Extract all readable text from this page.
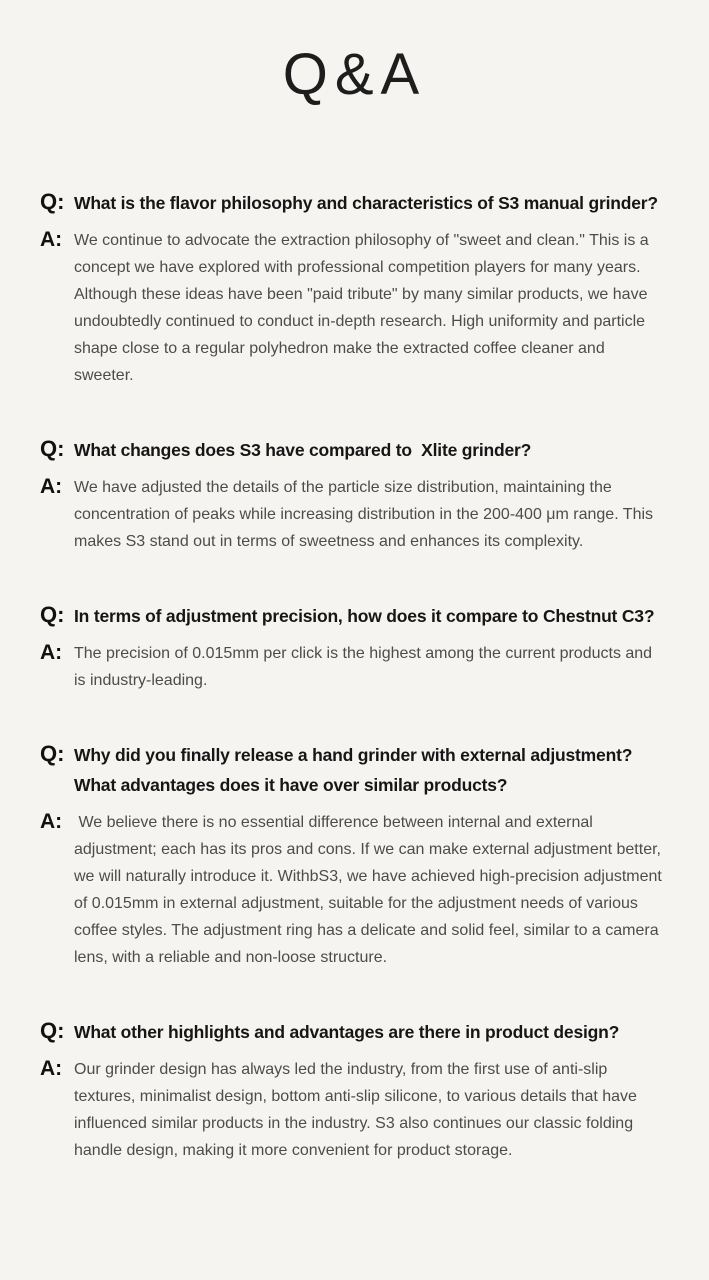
Q&A
Q: What is the flavor philosophy and characteristics of S3 manual grinder?
A: We continue to advocate the extraction philosophy of "sweet and clean." This is a concept we have explored with professional competition players for many years. Although these ideas have been "paid tribute" by many similar products, we have undoubtedly continued to conduct in-depth research. High uniformity and particle shape close to a regular polyhedron make the extracted coffee cleaner and sweeter.

Q: What changes does S3 have compared to  Xlite grinder?
A: We have adjusted the details of the particle size distribution, maintaining the concentration of peaks while increasing distribution in the 200-400 μm range. This makes S3 stand out in terms of sweetness and enhances its complexity.

Q: In terms of adjustment precision, how does it compare to Chestnut C3?
A: The precision of 0.015mm per click is the highest among the current products and is industry-leading.

Q: Why did you finally release a hand grinder with external adjustment? What advantages does it have over similar products?
A: We believe there is no essential difference between internal and external adjustment; each has its pros and cons. If we can make external adjustment better, we will naturally introduce it. WithbS3, we have achieved high-precision adjustment of 0.015mm in external adjustment, suitable for the adjustment needs of various coffee styles. The adjustment ring has a delicate and solid feel, similar to a camera lens, with a reliable and non-loose structure.

Q: What other highlights and advantages are there in product design?
A: Our grinder design has always led the industry, from the first use of anti-slip textures, minimalist design, bottom anti-slip silicone, to various details that have influenced similar products in the industry. S3 also continues our classic folding handle design, making it more convenient for product storage.
